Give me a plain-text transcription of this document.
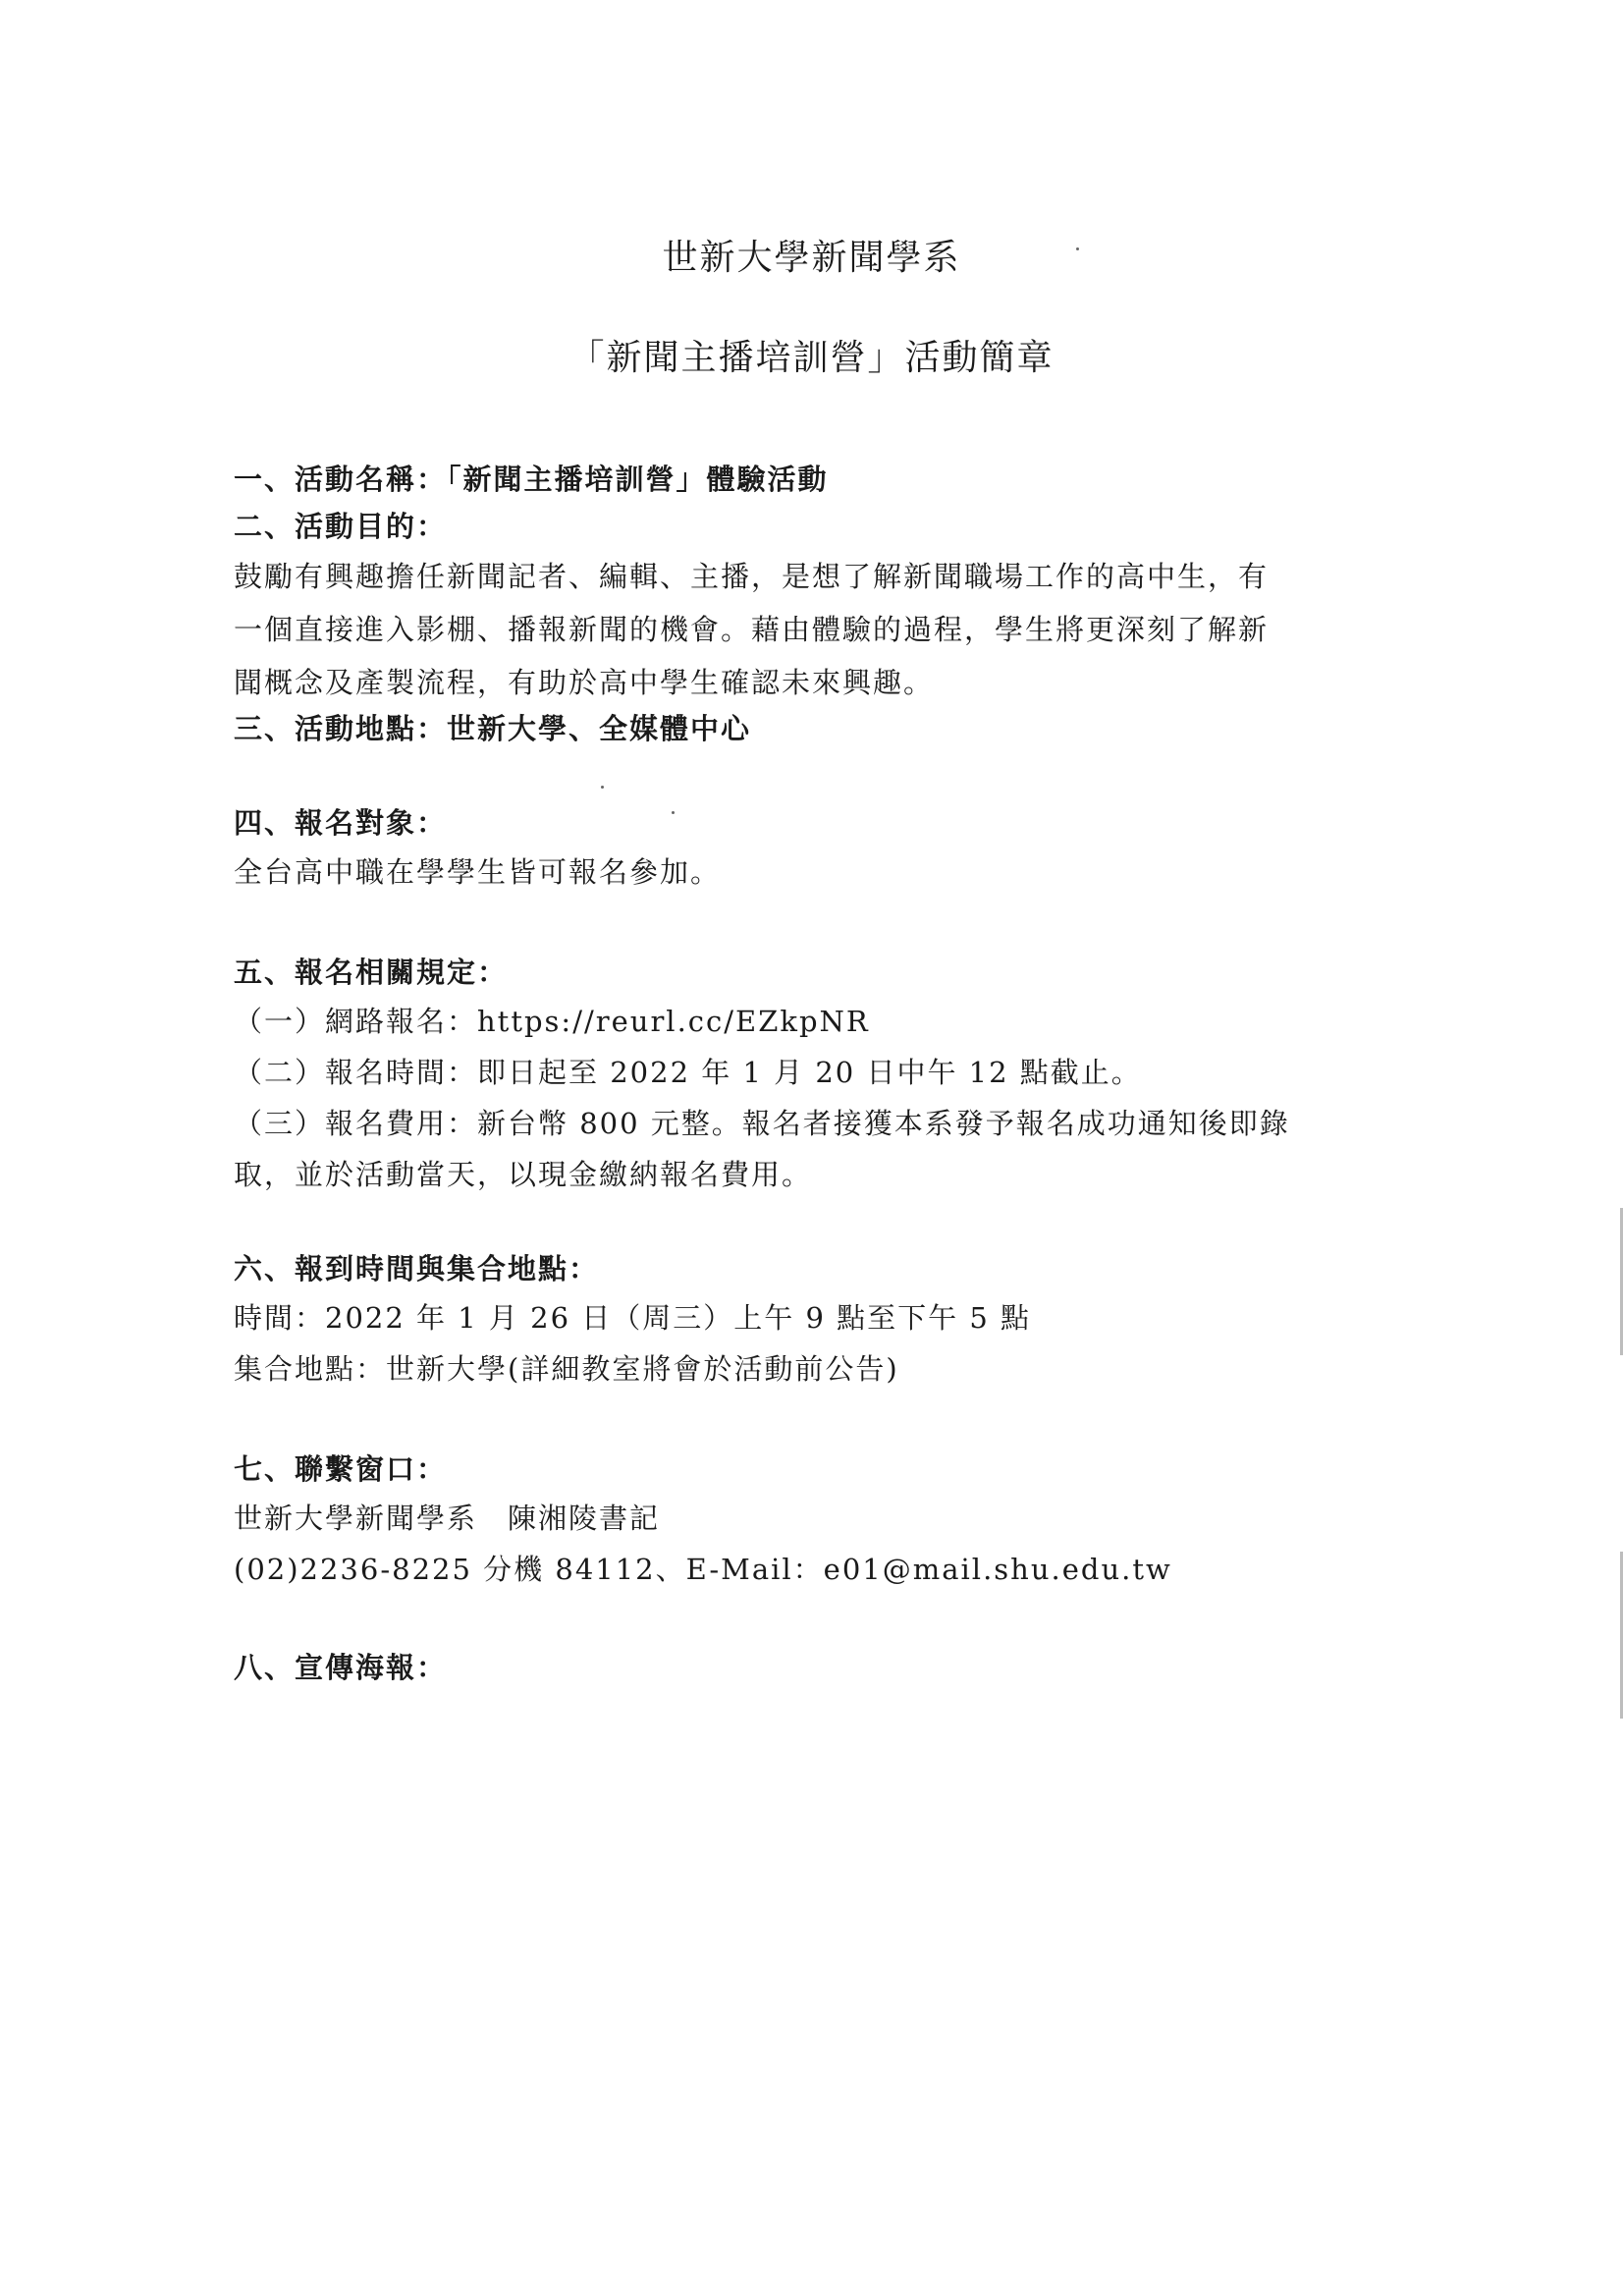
世新大學新聞學系
「新聞主播培訓營」活動簡章

一、活動名稱：「新聞主播培訓營」體驗活動

二、活動目的：

鼓勵有興趣擔任新聞記者、編輯、主播，是想了解新聞職場工作的高中生，有

一個直接進入影棚、播報新聞的機會。藉由體驗的過程，學生將更深刻了解新

聞概念及產製流程，有助於高中學生確認未來興趣。

三、活動地點：世新大學、全媒體中心

四、報名對象：

全台高中職在學學生皆可報名參加。

五、報名相關規定：

（一）網路報名：https://reurl.cc/EZkpNR

（二）報名時間：即日起至 2022 年 1 月 20 日中午 12 點截止。

（三）報名費用：新台幣 800 元整。報名者接獲本系發予報名成功通知後即錄

取，並於活動當天，以現金繳納報名費用。

六、報到時間與集合地點：

時間：2022 年 1 月 26 日（周三）上午 9 點至下午 5 點

集合地點：世新大學(詳細教室將會於活動前公告)

七、聯繫窗口：

世新大學新聞學系　陳湘陵書記

(02)2236-8225 分機 84112、E-Mail：e01@mail.shu.edu.tw

八、宣傳海報：
